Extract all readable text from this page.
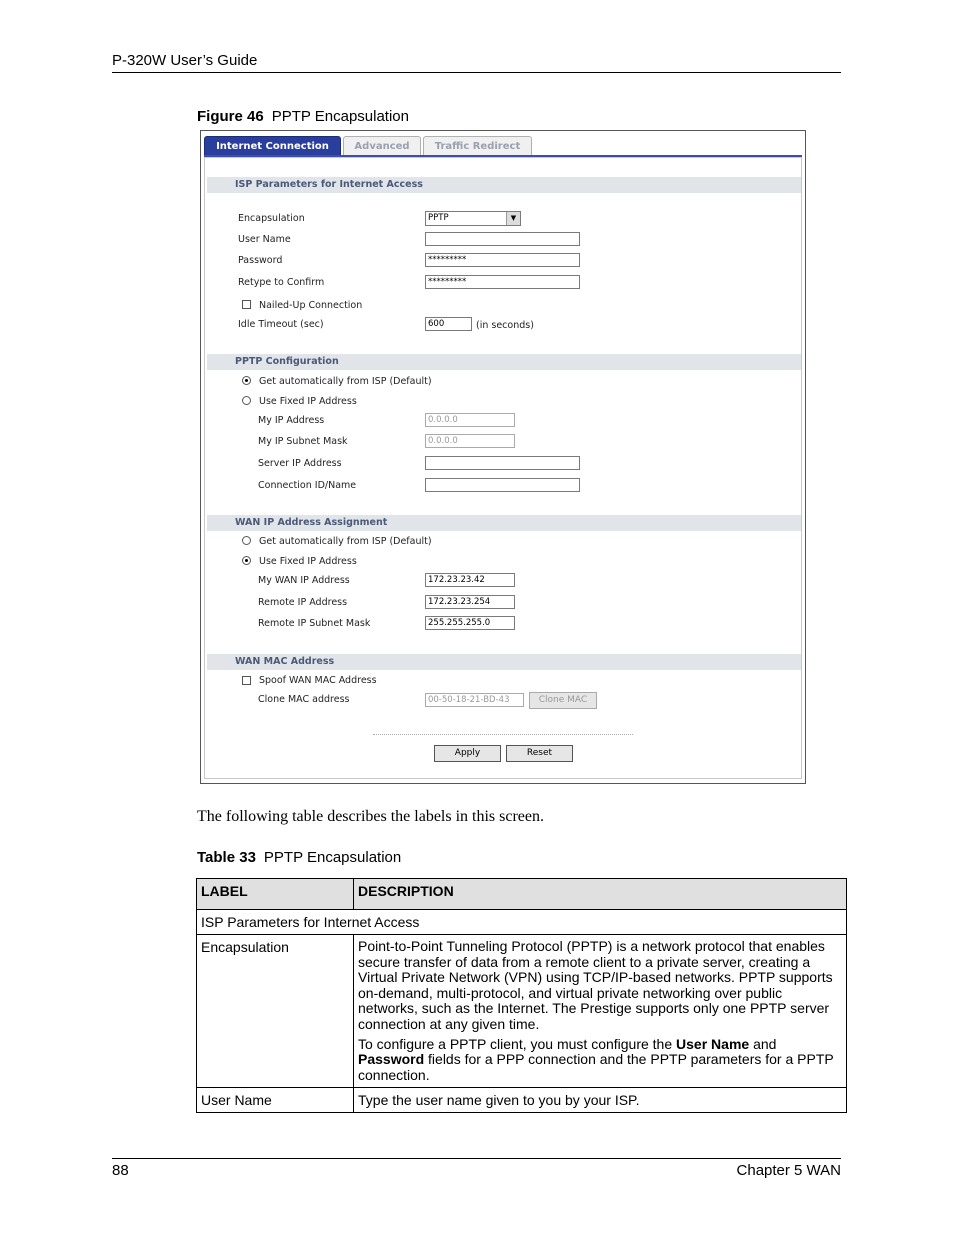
P-320W User’s Guide
Figure 46 PPTP Encapsulation
Internet Connection	Advanced	Traffic Redirect
ISP Parameters for Internet Access
Encapsulation	PPTP	▼
User Name
Password	*********
Retype to Confirm	*********
Nailed-Up Connection
Idle Timeout (sec)	600	(in seconds)
PPTP Configuration
Get automatically from ISP (Default)
Use Fixed IP Address
My IP Address	0.0.0.0
My IP Subnet Mask	0.0.0.0
Server IP Address
Connection ID/Name
WAN IP Address Assignment
Get automatically from ISP (Default)
Use Fixed IP Address
My WAN IP Address	172.23.23.42
Remote IP Address	172.23.23.254
Remote IP Subnet Mask	255.255.255.0
WAN MAC Address
Spoof WAN MAC Address
Clone MAC address	00-50-18-21-BD-43	Clone MAC
Apply	Reset
The following table describes the labels in this screen.
Table 33 PPTP Encapsulation
LABEL	DESCRIPTION
ISP Parameters for Internet Access	
Encapsulation	Point-to-Point Tunneling Protocol (PPTP) is a network protocol that enables secure transfer of data from a remote client to a private server, creating a Virtual Private Network (VPN) using TCP/IP-based networks. PPTP supports on-demand, multi-protocol, and virtual private networking over public networks, such as the Internet. The Prestige supports only one PPTP server connection at any given time.

To configure a PPTP client, you must configure the User Name and Password fields for a PPP connection and the PPTP parameters for a PPTP connection.

User Name	Type the user name given to you by your ISP.
88	Chapter 5 WAN
